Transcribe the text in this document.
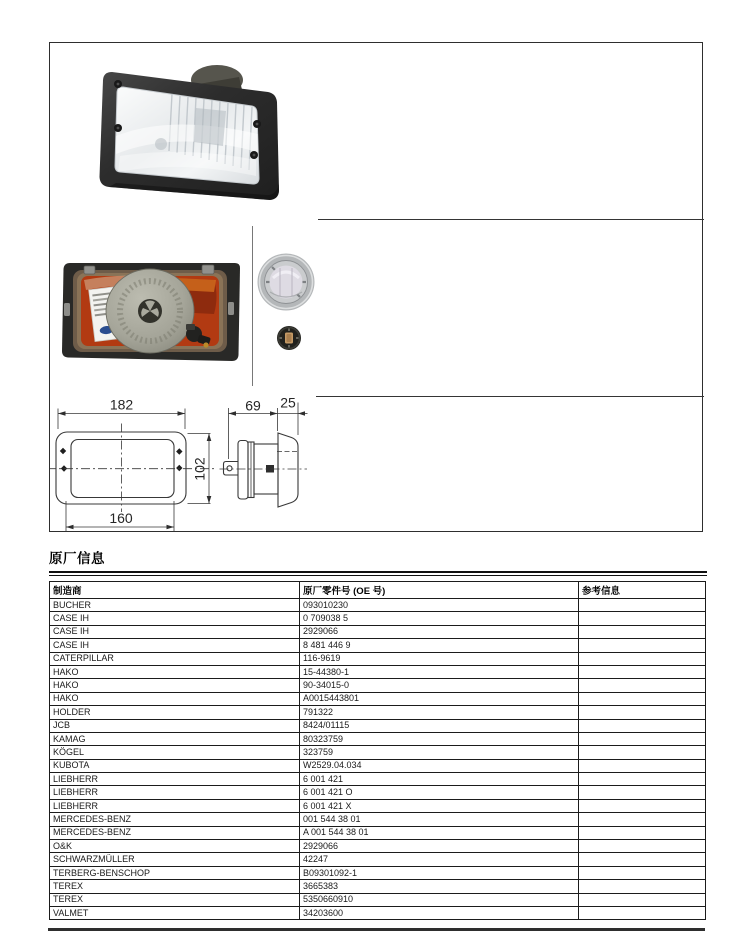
182
160
102
69 25
原厂信息
制造商	原厂零件号 (OE 号)	参考信息
BUCHER	093010230	
CASE IH	0 709038 5	
CASE IH	2929066	
CASE IH	8 481 446 9	
CATERPILLAR	116-9619	
HAKO	15-44380-1	
HAKO	90-34015-0	
HAKO	A0015443801	
HOLDER	791322	
JCB	8424/01115	
KAMAG	80323759	
KÖGEL	323759	
KUBOTA	W2529.04.034	
LIEBHERR	6 001 421	
LIEBHERR	6 001 421 O	
LIEBHERR	6 001 421 X	
MERCEDES-BENZ	001 544 38 01	
MERCEDES-BENZ	A 001 544 38 01	
O&K	2929066	
SCHWARZMÜLLER	42247	
TERBERG-BENSCHOP	B09301092-1	
TEREX	3665383	
TEREX	5350660910	
VALMET	34203600	
